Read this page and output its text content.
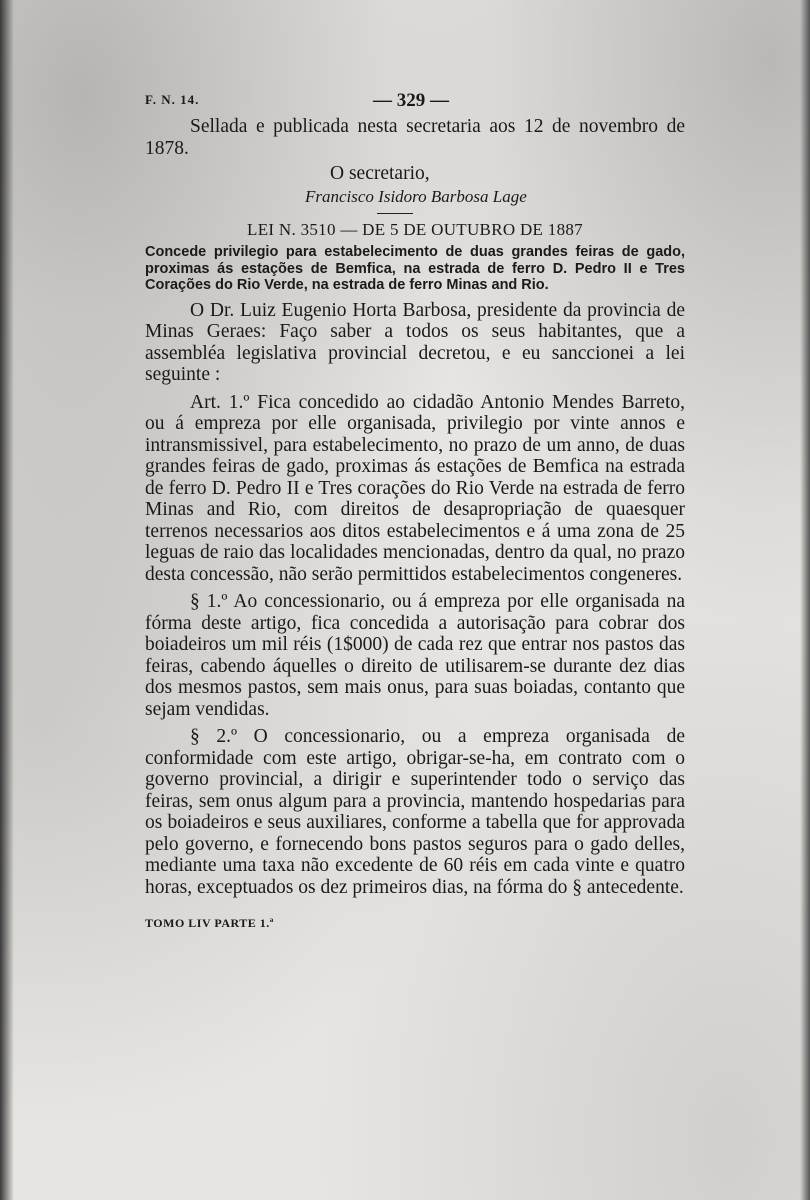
F. N. 14.	— 329 —

Sellada e publicada nesta secretaria aos 12 de novembro de 1878.

O secretario,
Francisco Isidoro Barbosa Lage
LEI N. 3510 — DE 5 DE OUTUBRO DE 1887

Concede privilegio para estabelecimento de duas grandes feiras de gado, proximas ás estações de Bemfica, na estrada de ferro D. Pedro II e Tres Corações do Rio Verde, na estrada de ferro Minas and Rio.

O Dr. Luiz Eugenio Horta Barbosa, presidente da provincia de Minas Geraes: Faço saber a todos os seus habitantes, que a assembléa legislativa provincial decretou, e eu sanccionei a lei seguinte :

Art. 1.º Fica concedido ao cidadão Antonio Mendes Barreto, ou á empreza por elle organisada, privilegio por vinte annos e intransmissivel, para estabelecimento, no prazo de um anno, de duas grandes feiras de gado, proximas ás estações de Bemfica na estrada de ferro D. Pedro II e Tres corações do Rio Verde na estrada de ferro Minas and Rio, com direitos de desapropriação de quaesquer terrenos necessarios aos ditos estabelecimentos e á uma zona de 25 leguas de raio das localidades mencionadas, dentro da qual, no prazo desta concessão, não serão permittidos estabelecimentos congeneres.

§ 1.º Ao concessionario, ou á empreza por elle organisada na fórma deste artigo, fica concedida a autorisação para cobrar dos boiadeiros um mil réis (1$000) de cada rez que entrar nos pastos das feiras, cabendo áquelles o direito de utilisarem-se durante dez dias dos mesmos pastos, sem mais onus, para suas boiadas, contanto que sejam vendidas.

§ 2.º O concessionario, ou a empreza organisada de conformidade com este artigo, obrigar-se-ha, em contrato com o governo provincial, a dirigir e superintender todo o serviço das feiras, sem onus algum para a provincia, mantendo hospedarias para os boiadeiros e seus auxiliares, conforme a tabella que for approvada pelo governo, e fornecendo bons pastos seguros para o gado delles, mediante uma taxa não excedente de 60 réis em cada vinte e quatro horas, exceptuados os dez primeiros dias, na fórma do § antecedente.

TOMO LIV PARTE 1.ª
